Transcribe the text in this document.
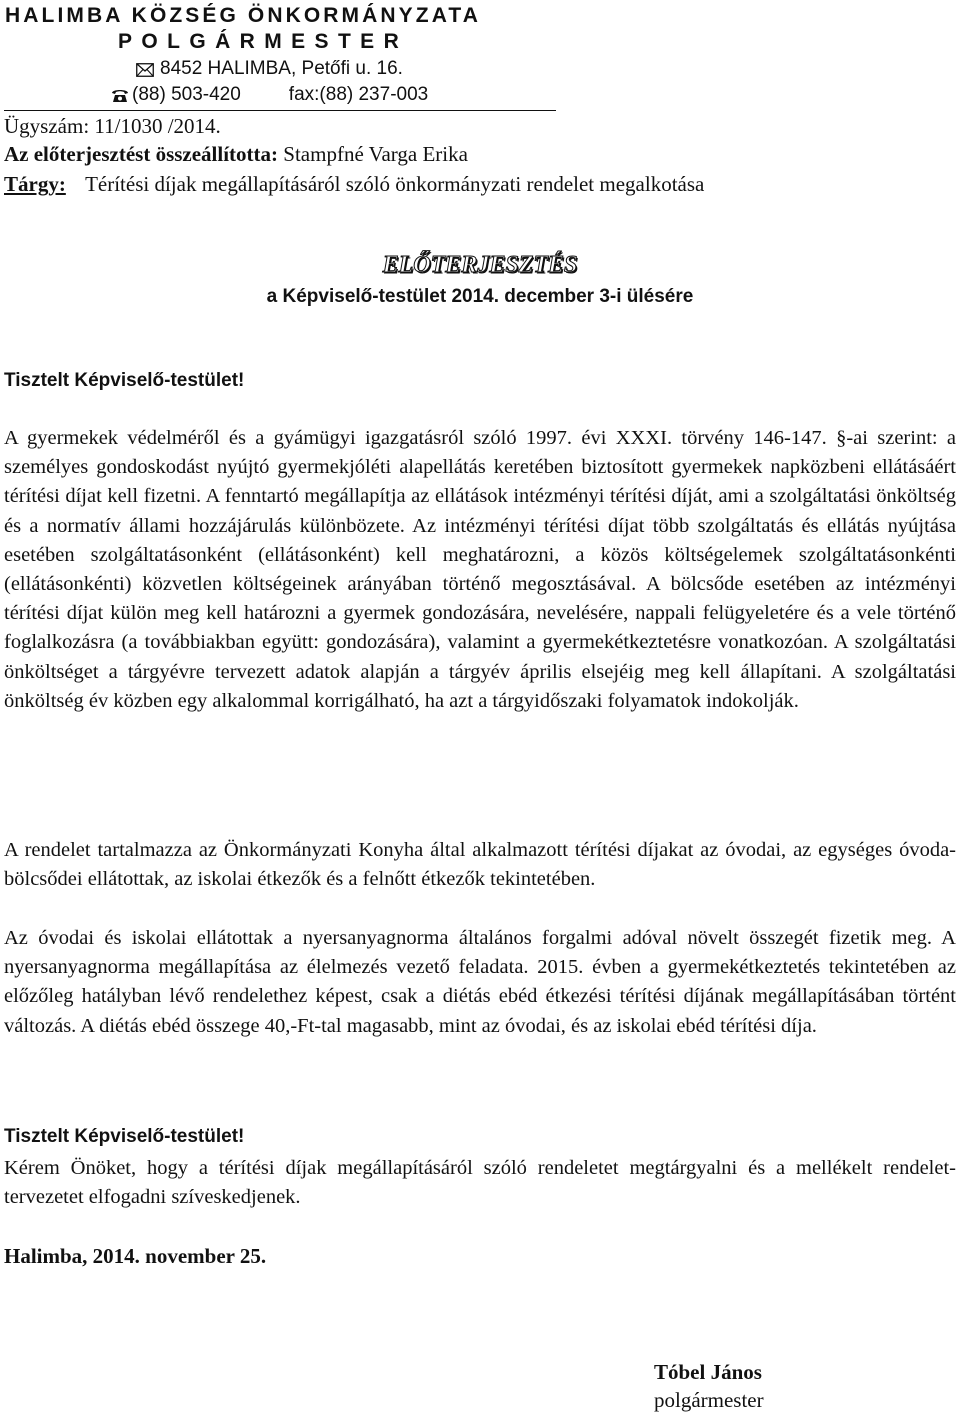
HALIMBA KÖZSÉG ÖNKORMÁNYZATA
POLGÁRMESTER
8452 HALIMBA, Petőfi u. 16.
(88) 503-420	fax:(88) 237-003
Ügyszám: 11/1030 /2014.
Az előterjesztést összeállította: Stampfné Varga Erika
Tárgy: Térítési díjak megállapításáról szóló önkormányzati rendelet megalkotása
ELŐTERJESZTÉS
a Képviselő-testület 2014. december 3-i ülésére
Tisztelt Képviselő-testület!
A gyermekek védelméről és a gyámügyi igazgatásról szóló 1997. évi XXXI. törvény 146-147. §-ai szerint: a személyes gondoskodást nyújtó gyermekjóléti alapellátás keretében biztosított gyermekek napközbeni ellátásáért térítési díjat kell fizetni. A fenntartó megállapítja az ellátások intézményi térítési díját, ami a szolgáltatási önköltség és a normatív állami hozzájárulás különbözete. Az intézményi térítési díjat több szolgáltatás és ellátás nyújtása esetében szolgáltatásonként (ellátásonként) kell meghatározni, a közös költségelemek szolgáltatásonkénti (ellátásonkénti) közvetlen költségeinek arányában történő megosztásával. A bölcsőde esetében az intézményi térítési díjat külön meg kell határozni a gyermek gondozására, nevelésére, nappali felügyeletére és a vele történő foglalkozásra (a továbbiakban együtt: gondozására), valamint a gyermekétkeztetésre vonatkozóan. A szolgáltatási önköltséget a tárgyévre tervezett adatok alapján a tárgyév április elsejéig meg kell állapítani. A szolgáltatási önköltség év közben egy alkalommal korrigálható, ha azt a tárgyidőszaki folyamatok indokolják.
A rendelet tartalmazza az Önkormányzati Konyha által alkalmazott térítési díjakat az óvodai, az egységes óvoda-bölcsődei ellátottak, az iskolai étkezők és a felnőtt étkezők tekintetében.
Az óvodai és iskolai ellátottak a nyersanyagnorma általános forgalmi adóval növelt összegét fizetik meg. A nyersanyagnorma megállapítása az élelmezés vezető feladata. 2015. évben a gyermekétkeztetés tekintetében az előzőleg hatályban lévő rendelethez képest, csak a diétás ebéd étkezési térítési díjának megállapításában történt változás. A diétás ebéd összege 40,-Ft-tal magasabb, mint az óvodai, és az iskolai ebéd térítési díja.
Tisztelt Képviselő-testület!
Kérem Önöket, hogy a térítési díjak megállapításáról szóló rendeletet megtárgyalni és a mellékelt rendelet-tervezetet elfogadni szíveskedjenek.
Halimba, 2014. november 25.
Tóbel János
polgármester
